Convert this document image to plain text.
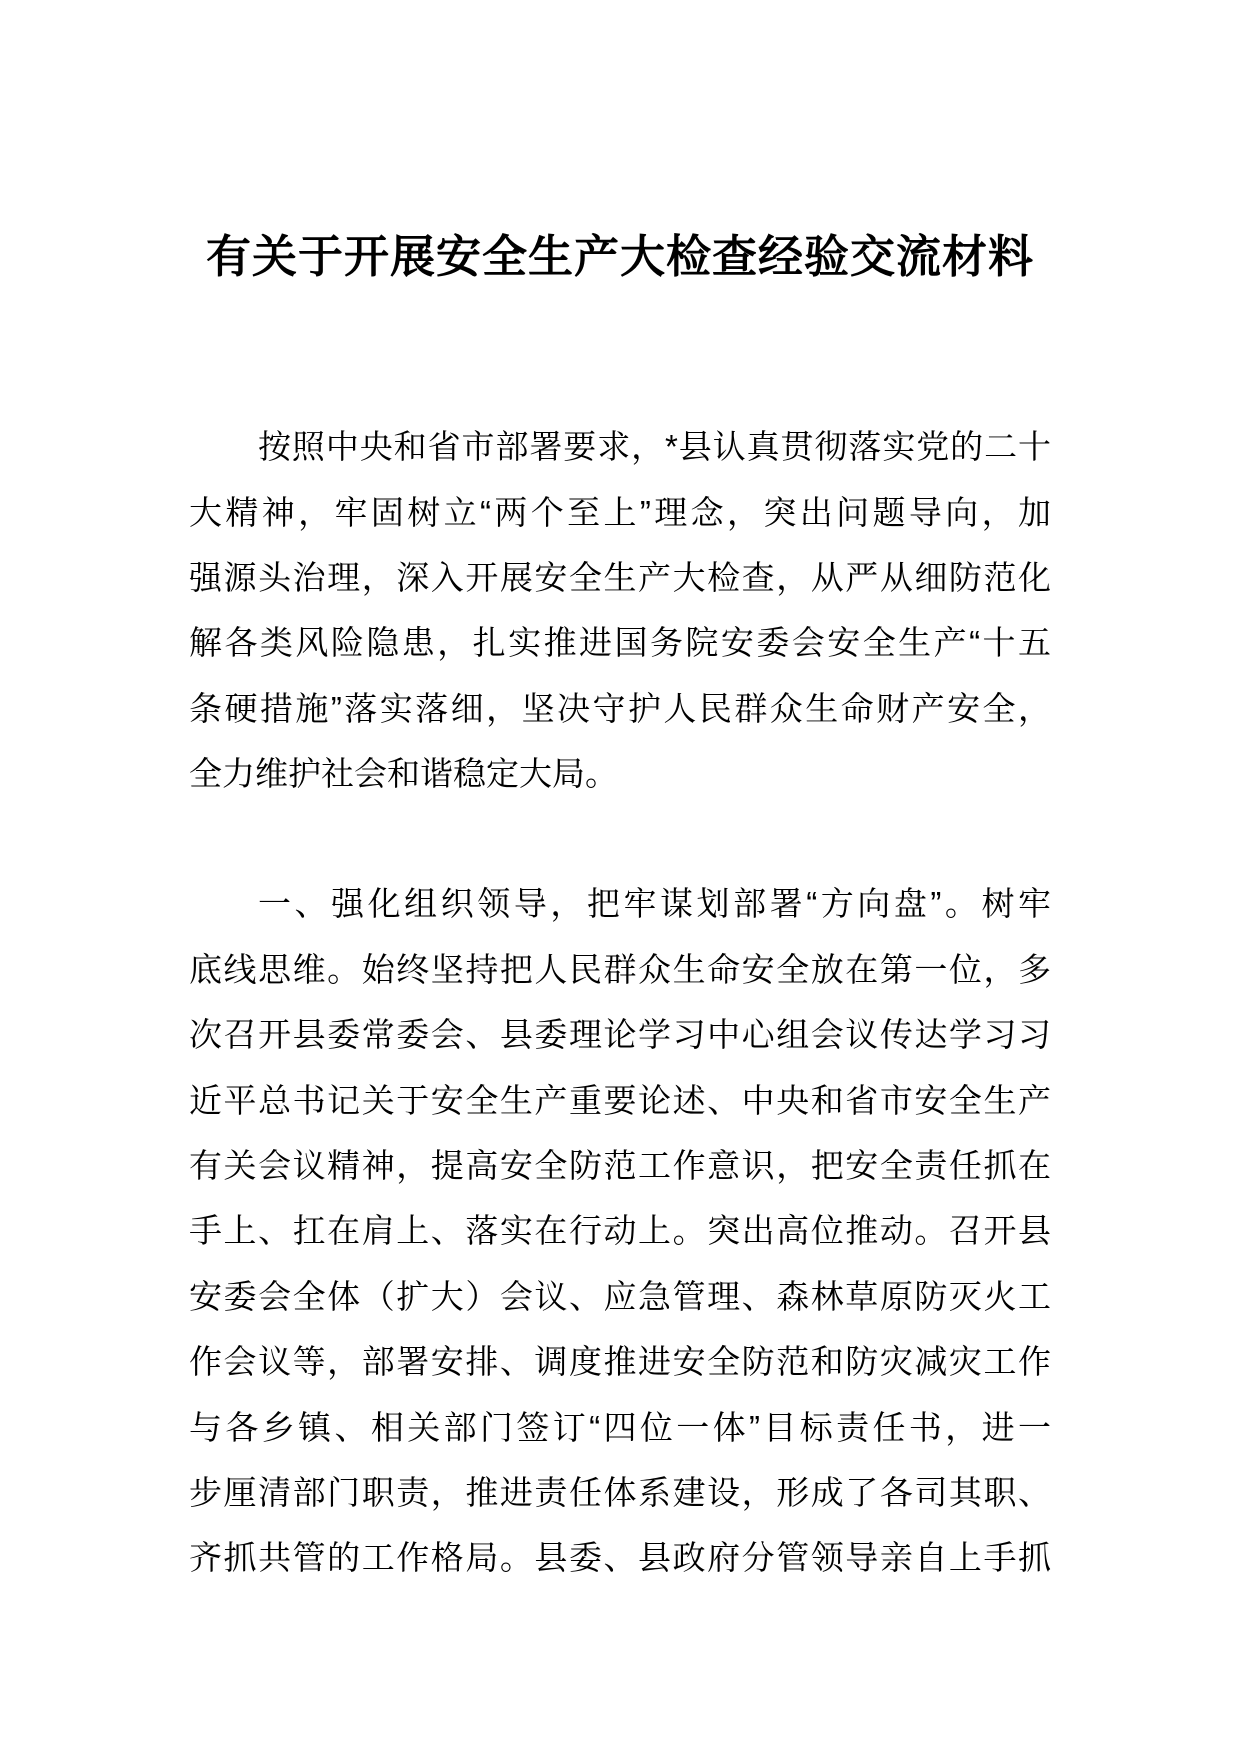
有关于开展安全生产大检查经验交流材料
按照中央和省市部署要求，*县认真贯彻落实党的二十
大精神，牢固树立“两个至上”理念，突出问题导向，加
强源头治理，深入开展安全生产大检查，从严从细防范化
解各类风险隐患，扎实推进国务院安委会安全生产“十五
条硬措施”落实落细，坚决守护人民群众生命财产安全，
全力维护社会和谐稳定大局。
一、强化组织领导，把牢谋划部署“方向盘”。树牢
底线思维。始终坚持把人民群众生命安全放在第一位，多
次召开县委常委会、县委理论学习中心组会议传达学习习
近平总书记关于安全生产重要论述、中央和省市安全生产
有关会议精神，提高安全防范工作意识，把安全责任抓在
手上、扛在肩上、落实在行动上。突出高位推动。召开县
安委会全体（扩大）会议、应急管理、森林草原防灭火工
作会议等，部署安排、调度推进安全防范和防灾减灾工作
与各乡镇、相关部门签订“四位一体”目标责任书，进一
步厘清部门职责，推进责任体系建设，形成了各司其职、
齐抓共管的工作格局。县委、县政府分管领导亲自上手抓
